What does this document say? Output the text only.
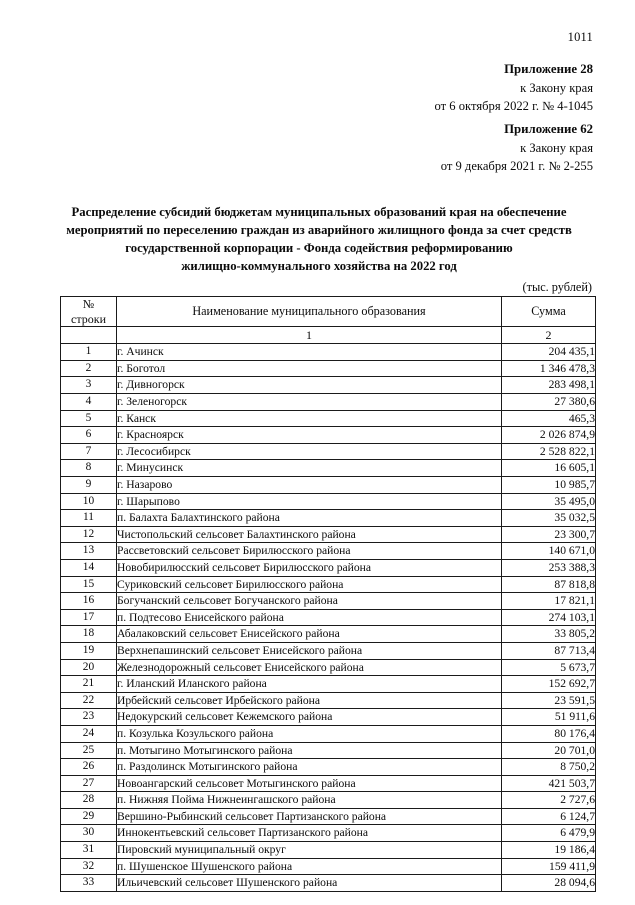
1011
Приложение 28
к Закону края
от 6 октября 2022 г. № 4-1045
Приложение 62
к Закону края
от 9 декабря 2021 г. № 2-255
Распределение субсидий бюджетам муниципальных образований края на обеспечение
мероприятий по переселению граждан из аварийного жилищного фонда за счет средств
государственной корпорации - Фонда содействия реформированию
жилищно-коммунального хозяйства на 2022 год
(тыс. рублей)
№
строки	Наименование муниципального образования	Сумма
	1	2
1	г. Ачинск	204 435,1
2	г. Боготол	1 346 478,3
3	г. Дивногорск	283 498,1
4	г. Зеленогорск	27 380,6
5	г. Канск	465,3
6	г. Красноярск	2 026 874,9
7	г. Лесосибирск	2 528 822,1
8	г. Минусинск	16 605,1
9	г. Назарово	10 985,7
10	г. Шарыпово	35 495,0
11	п. Балахта Балахтинского района	35 032,5
12	Чистопольский сельсовет Балахтинского района	23 300,7
13	Рассветовский сельсовет Бирилюсского района	140 671,0
14	Новобирилюсский сельсовет Бирилюсского района	253 388,3
15	Суриковский сельсовет Бирилюсского района	87 818,8
16	Богучанский сельсовет Богучанского района	17 821,1
17	п. Подтесово Енисейского района	274 103,1
18	Абалаковский сельсовет Енисейского района	33 805,2
19	Верхнепашинский сельсовет Енисейского района	87 713,4
20	Железнодорожный сельсовет Енисейского района	5 673,7
21	г. Иланский Иланского района	152 692,7
22	Ирбейский сельсовет Ирбейского района	23 591,5
23	Недокурский сельсовет Кежемского района	51 911,6
24	п. Козулька Козульского района	80 176,4
25	п. Мотыгино Мотыгинского района	20 701,0
26	п. Раздолинск Мотыгинского района	8 750,2
27	Новоангарский сельсовет Мотыгинского района	421 503,7
28	п. Нижняя Пойма Нижнеингашского района	2 727,6
29	Вершино-Рыбинский сельсовет Партизанского района	6 124,7
30	Иннокентьевский сельсовет Партизанского района	6 479,9
31	Пировский муниципальный округ	19 186,4
32	п. Шушенское Шушенского района	159 411,9
33	Ильичевский сельсовет Шушенского района	28 094,6
